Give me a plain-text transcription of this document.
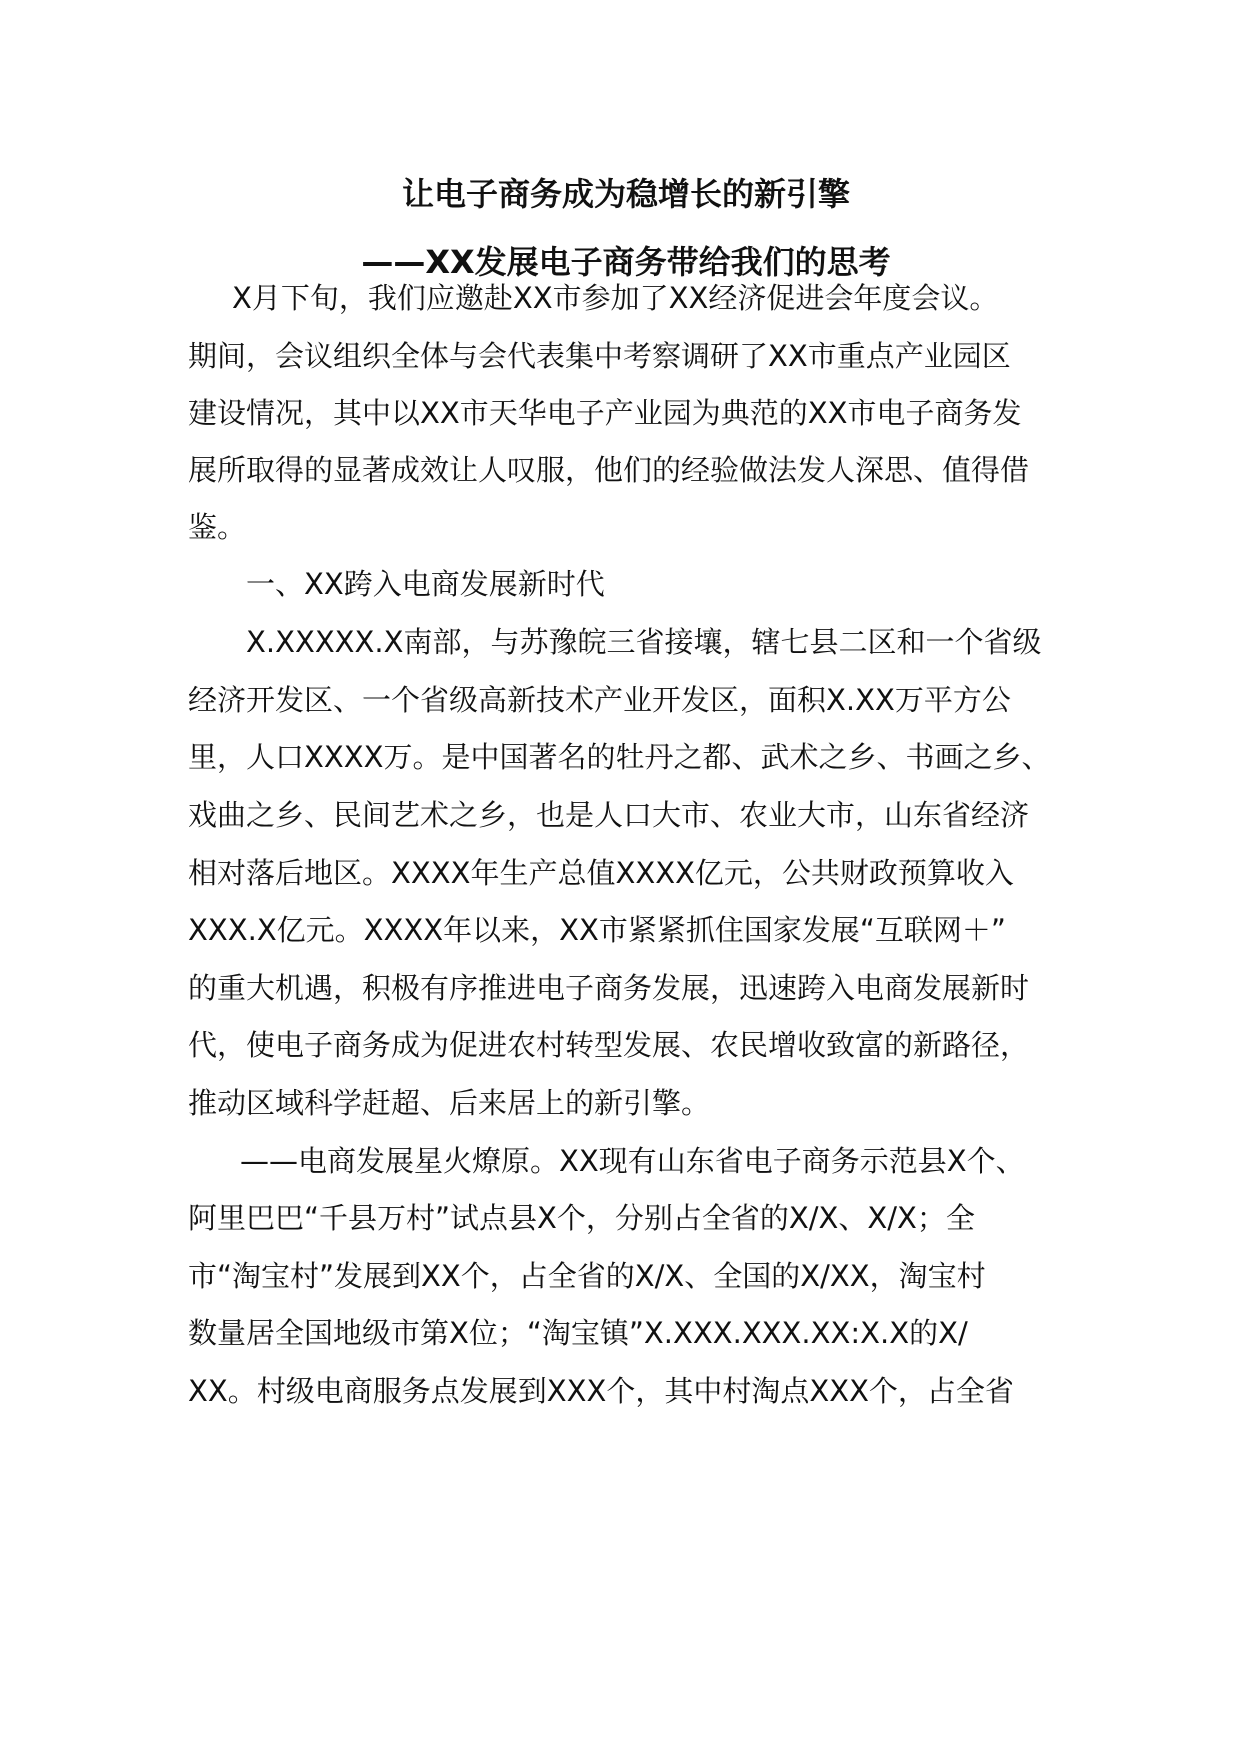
让电子商务成为稳增长的新引擎
——XX发展电子商务带给我们的思考

X月下旬，我们应邀赴XX市参加了XX经济促进会年度会议。

期间，会议组织全体与会代表集中考察调研了XX市重点产业园区

建设情况，其中以XX市天华电子产业园为典范的XX市电子商务发

展所取得的显著成效让人叹服，他们的经验做法发人深思、值得借

鉴。

一、XX跨入电商发展新时代

X.XXXXX.X南部，与苏豫皖三省接壤，辖七县二区和一个省级

经济开发区、一个省级高新技术产业开发区，面积X.XX万平方公

里，人口XXXX万。是中国著名的牡丹之都、武术之乡、书画之乡、

戏曲之乡、民间艺术之乡，也是人口大市、农业大市，山东省经济

相对落后地区。XXXX年生产总值XXXX亿元，公共财政预算收入

XXX.X亿元。XXXX年以来，XX市紧紧抓住国家发展“互联网＋”

的重大机遇，积极有序推进电子商务发展，迅速跨入电商发展新时

代，使电子商务成为促进农村转型发展、农民增收致富的新路径，

推动区域科学赶超、后来居上的新引擎。

——电商发展星火燎原。XX现有山东省电子商务示范县X个、

阿里巴巴“千县万村”试点县X个，分别占全省的X/X、X/X；全

市“淘宝村”发展到XX个，占全省的X/X、全国的X/XX，淘宝村

数量居全国地级市第X位；“淘宝镇”X.XXX.XXX.XX:X.X的X/

XX。村级电商服务点发展到XXX个，其中村淘点XXX个，占全省
